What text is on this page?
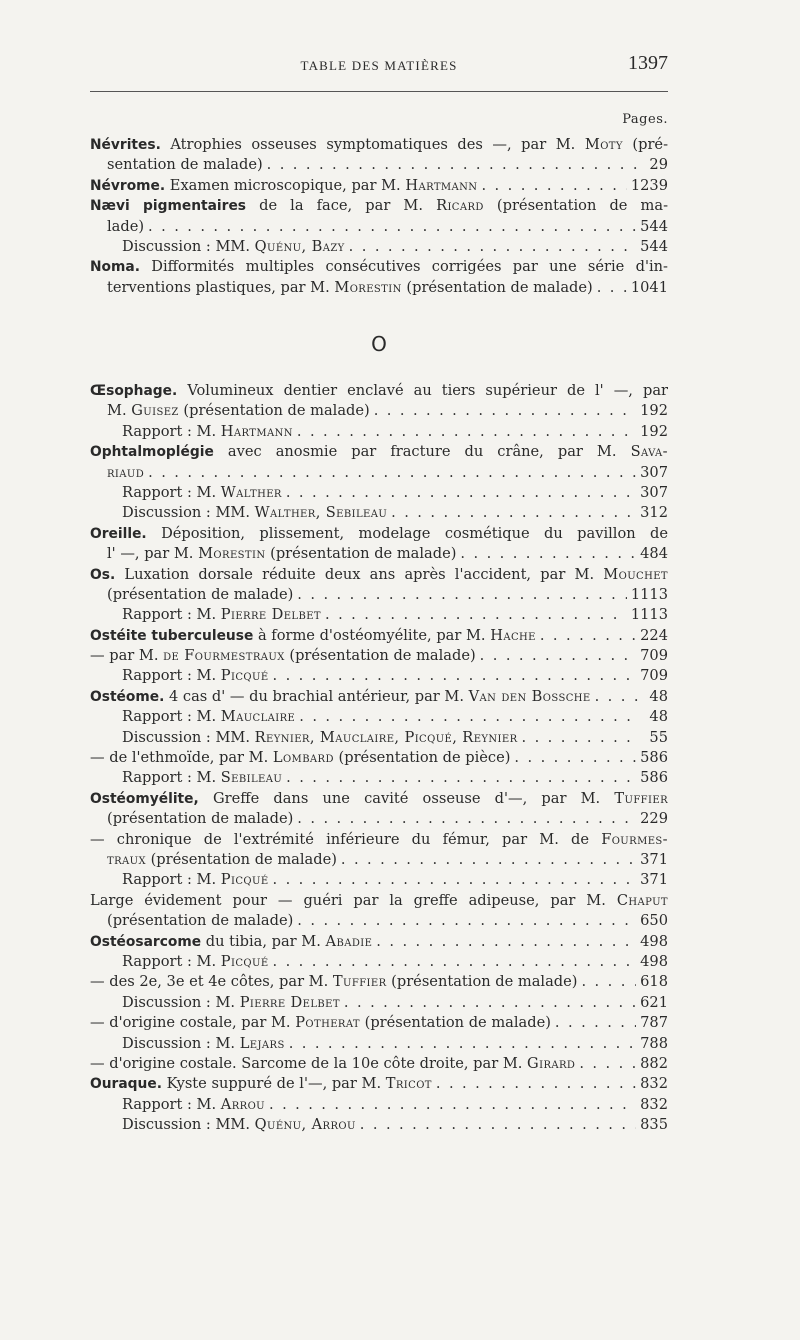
TABLE DES MATIÈRES	1397
Pages.
Névrites. Atrophies osseuses symptomatiques des —, par M. Moty (pré-
sentation de malade) . . .	29
Névrome. Examen microscopique, par M. Hartmann . . .	1239
Nævi pigmentaires de la face, par M. Ricard (présentation de ma-
lade) . . .	544
Discussion : MM. Quénu, Bazy . . .	544
Noma. Difformités multiples consécutives corrigées par une série d'in-
terventions plastiques, par M. Morestin (présentation de malade) . . .	1041
O
Œsophage. Volumineux dentier enclavé au tiers supérieur de l' —, par
M. Guisez (présentation de malade) . . .	192
Rapport : M. Hartmann . . .	192
Ophtalmoplégie avec anosmie par fracture du crâne, par M. Sava-
riaud . . .	307
Rapport : M. Walther . . .	307
Discussion : MM. Walther, Sebileau . . .	312
Oreille. Déposition, plissement, modelage cosmétique du pavillon de
l' —, par M. Morestin (présentation de malade) . . .	484
Os. Luxation dorsale réduite deux ans après l'accident, par M. Mouchet
(présentation de malade) . . .	1113
Rapport : M. Pierre Delbet . . .	1113
Ostéite tuberculeuse à forme d'ostéomyélite, par M. Hache . . .	224
— par M. de Fourmestraux (présentation de malade) . . .	709
Rapport : M. Picqué . . .	709
Ostéome. 4 cas d' — du brachial antérieur, par M. Van den Bossche . . .	48
Rapport : M. Mauclaire . . .	48
Discussion : MM. Reynier, Mauclaire, Picqué, Reynier . . .	55
— de l'ethmoïde, par M. Lombard (présentation de pièce) . . .	586
Rapport : M. Sebileau . . .	586
Ostéomyélite, Greffe dans une cavité osseuse d'—, par M. Tuffier
(présentation de malade) . . .	229
— chronique de l'extrémité inférieure du fémur, par M. de Fourmes-
traux (présentation de malade) . . .	371
Rapport : M. Picqué . . .	371
Large évidement pour — guéri par la greffe adipeuse, par M. Chaput
(présentation de malade) . . .	650
Ostéosarcome du tibia, par M. Abadie . . .	498
Rapport : M. Picqué . . .	498
— des 2e, 3e et 4e côtes, par M. Tuffier (présentation de malade) . . .	618
Discussion : M. Pierre Delbet . . .	621
— d'origine costale, par M. Potherat (présentation de malade) . . .	787
Discussion : M. Lejars . . .	788
— d'origine costale. Sarcome de la 10e côte droite, par M. Girard . . .	882
Ouraque. Kyste suppuré de l'—, par M. Tricot . . .	832
Rapport : M. Arrou . . .	832
Discussion : MM. Quénu, Arrou . . .	835
